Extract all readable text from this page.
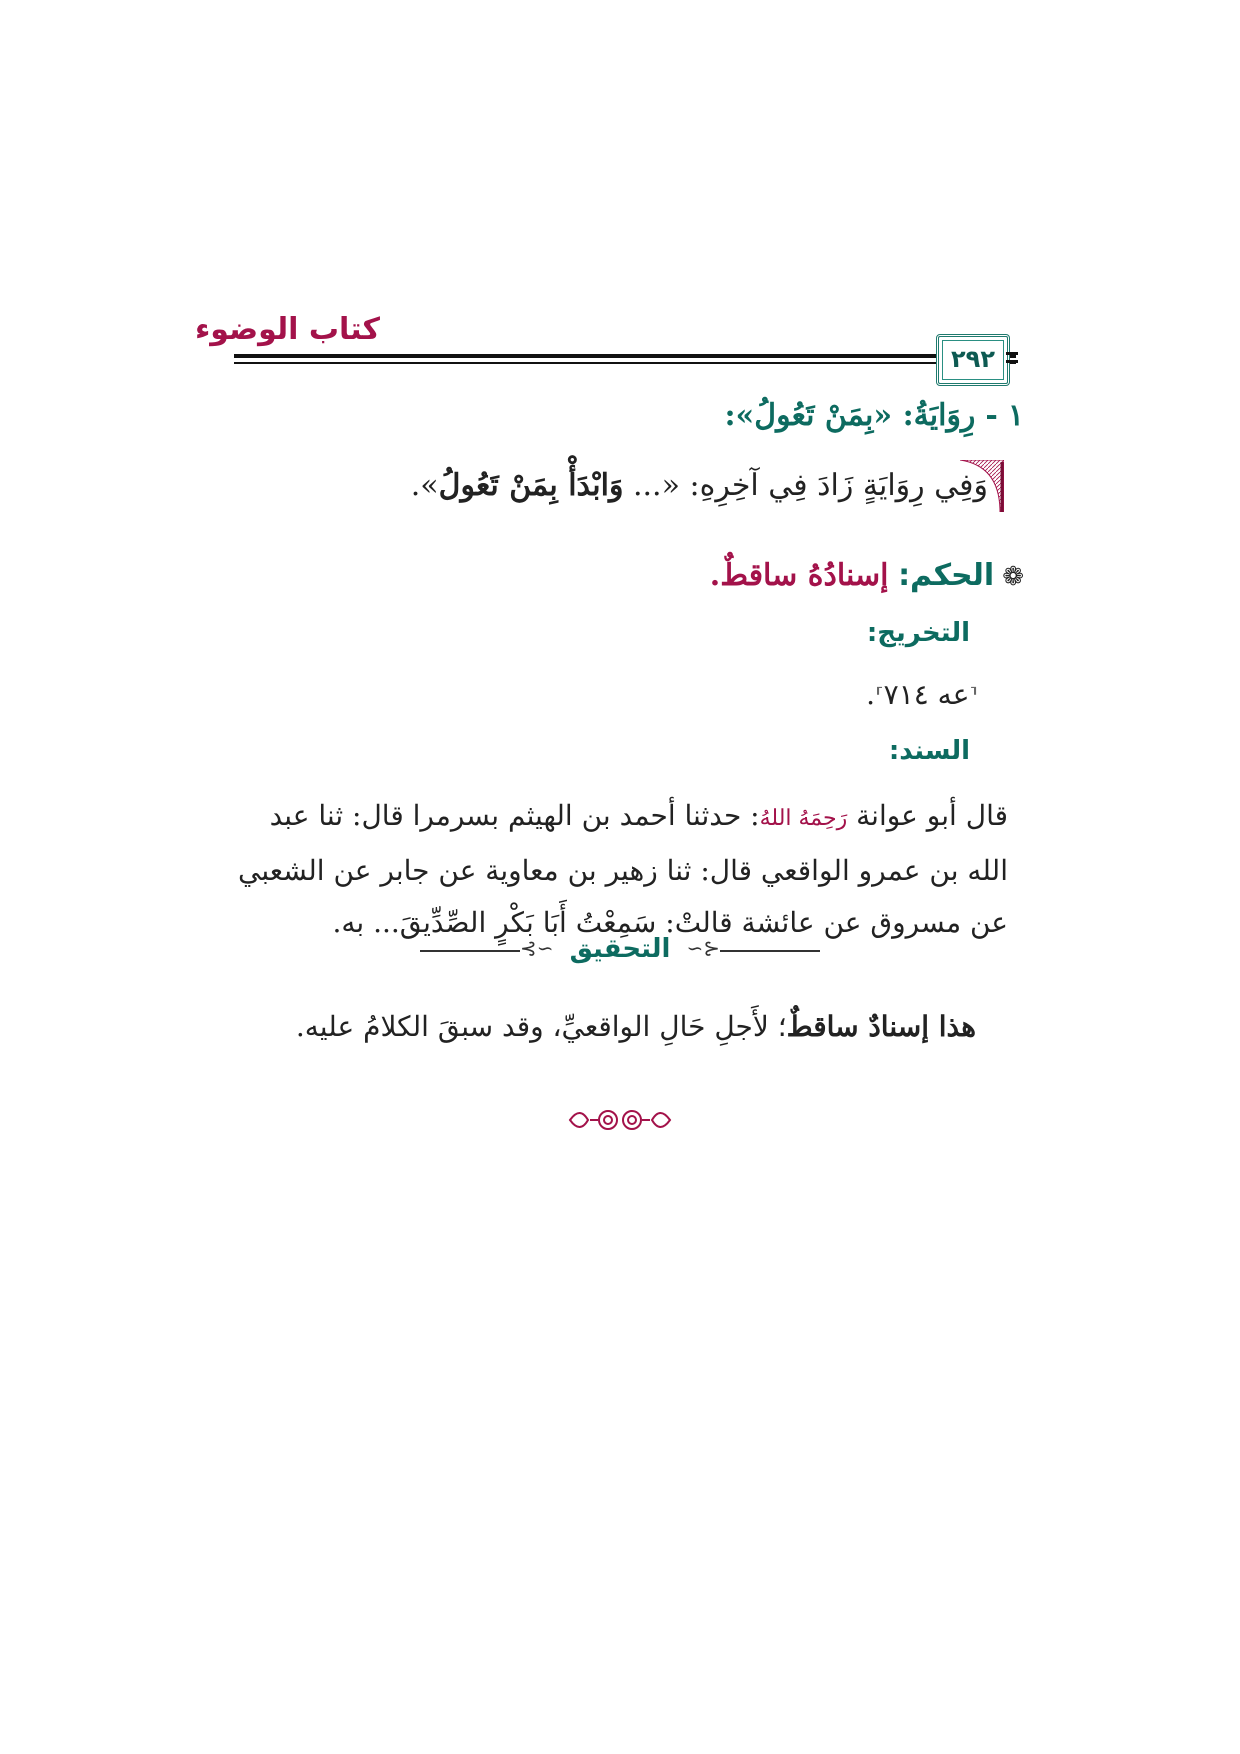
كتاب الوضوء
٢٩٢
١-رِوَايَةُ: «بِمَنْ تَعُولُ»:
وَفِي رِوَايَةٍ زَادَ فِي آخِرِهِ: «... وَابْدَأْ بِمَنْ تَعُولُ».
❁الحكم: إسنادُهُ ساقطٌ.
التخريج:
⸢عه ٧١٤⸣.
السند:
قال أبو عوانة رَحِمَهُ اللهُ: حدثنا أحمد بن الهيثم بسرمرا قال: ثنا عبد الله بن عمرو الواقعي قال: ثنا زهير بن معاوية عن جابر عن الشعبي عن مسروق عن عائشة قالتْ: سَمِعْتُ أَبَا بَكْرٍ الصِّدِّيقَ... به.
⊰∽ التحقيق ∽⊱
هذا إسنادٌ ساقطٌ؛ لأَجلِ حَالِ الواقعيِّ، وقد سبقَ الكلامُ عليه.
